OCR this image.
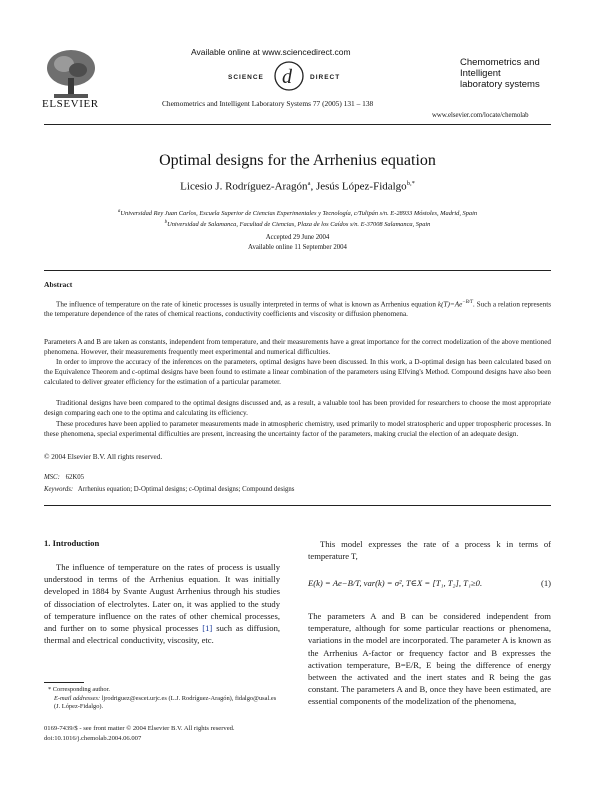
ELSEVIER
Available online at www.sciencedirect.com
SCIENCE d	DIRECT
Chemometrics and Intelligent Laboratory Systems 77 (2005) 131 – 138
Chemometrics and
Intelligent
laboratory systems
www.elsevier.com/locate/chemolab
Optimal designs for the Arrhenius equation
Licesio J. Rodríguez-Aragón$^a$, Jesús López-Fidalgo$^{b,*}$
$^a$Universidad Rey Juan Carlos, Escuela Superior de Ciencias Experimentales y Tecnología, c/Tulipán s/n. E-28933 Móstoles, Madrid, Spain
$^b$Universidad de Salamanca, Facultad de Ciencias, Plaza de los Caídos s/n. E-37008 Salamanca, Spain
Accepted 29 June 2004
Available online 11 September 2004
Abstract
The influence of temperature on the rate of kinetic processes is usually interpreted in terms of what is known as Arrhenius equation $k(T)=Ae^{-B/T}$. Such a relation represents the temperature dependence of the rates of chemical reactions, conductivity coefficients and viscosity or diffusion phenomena.
Parameters A and B are taken as constants, independent from temperature, and their measurements have a great importance for the correct modelization of the above mentioned phenomena. However, their measurements frequently meet experimental and numerical difficulties.
In order to improve the accuracy of the inferences on the parameters, optimal designs have been discussed. In this work, a D-optimal design has been calculated based on the Equivalence Theorem and c-optimal designs have been found to estimate a linear combination of the parameters using Elfving's Method. Compound designs have also been calculated to deliver greater efficiency for the estimation of a particular parameter.
Traditional designs have been compared to the optimal designs discussed and, as a result, a valuable tool has been provided for researchers to choose the most appropriate design comparing each one to the optima and calculating its efficiency.
These procedures have been applied to parameter measurements made in atmospheric chemistry, used primarily to model stratospheric and upper tropospheric processes. In these phenomena, special experimental difficulties are present, increasing the uncertainty factor of the parameters, making crucial the election of an adequate design.
© 2004 Elsevier B.V. All rights reserved.
MSC: 62K05
Keywords: Arrhenius equation; D-Optimal designs; c-Optimal designs; Compound designs
1. Introduction
The influence of temperature on the rates of process is usually understood in terms of the Arrhenius equation. It was initially developed in 1884 by Svante August Arrhenius through his studies of dissociation of electrolytes. Later on, it was applied to the study of temperature influence on the rates of other chemical processes, and further on to some physical processes [1] such as diffusion, thermal and electrical conductivity, viscosity, etc.
* Corresponding author.
E-mail addresses: ljrodriguez@escet.urjc.es (L.J. Rodríguez-Aragón), fidalgo@usal.es (J. López-Fidalgo).
0169-7439/$ - see front matter © 2004 Elsevier B.V. All rights reserved.
doi:10.1016/j.chemolab.2004.06.007
This model expresses the rate of a process k in terms of temperature T,
E(k) = Ae−B/T, var(k) = σ², T∈X = [T₁, T₂], T₁≥0.	(1)
The parameters A and B can be considered independent from temperature, although for some particular reactions or phenomena, variations in the model are incorporated. The parameter A is known as the Arrhenius A-factor or frequency factor and B expresses the activation temperature, B=E/R, E being the difference of energy between the activated and the inert states and R being the gas constant. The parameters A and B, once they have been estimated, are essential components of the modelization of the phenomena,
